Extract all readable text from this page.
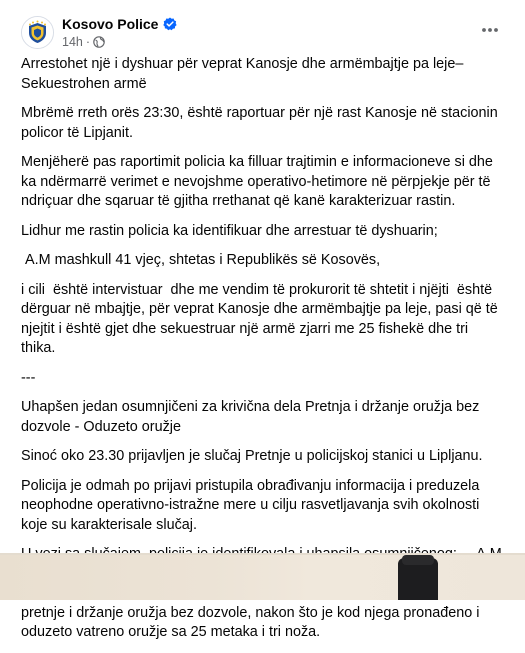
Kosovo Police
14h ·

Arrestohet një i dyshuar për veprat Kanosje dhe armëmbajtje pa leje– Sekuestrohen armë

Mbrëmë rreth orës 23:30, është raportuar për një rast Kanosje në stacionin policor të Lipjanit.

Menjëherë pas raportimit policia ka filluar trajtimin e informacioneve si dhe ka ndërmarrë verimet e nevojshme operativo-hetimore në përpjekje për të ndriçuar dhe sqaruar të gjitha rrethanat që kanë karakterizuar rastin.

Lidhur me rastin policia ka identifikuar dhe arrestuar të dyshuarin;

A.M mashkull 41 vjeç, shtetas i Republikës së Kosovës,

i cili  është intervistuar  dhe me vendim të prokurorit të shtetit i njëjti  është dërguar në mbajtje, për veprat Kanosje dhe armëmbajtje pa leje, pasi që të njejtit i është gjet dhe sekuestruar një armë zjarri me 25 fishekë dhe tri thika.

---

Uhapšen jedan osumnjičeni za krivična dela Pretnja i držanje oružja bez dozvole - Oduzeto oružje

Sinoć oko 23.30 prijavljen je slučaj Pretnje u policijskoj stanici u Lipljanu.

Policija je odmah po prijavi pristupila obrađivanju informacija i preduzela neophodne operativno-istražne mere u cilju rasvetljavanja svih okolnosti koje su karakterisale slučaj.

pretnje i držanje oružja bez dozvole, nakon što je kod njega pronađeno i oduzeto vatreno oružje sa 25 metaka i tri noža.
